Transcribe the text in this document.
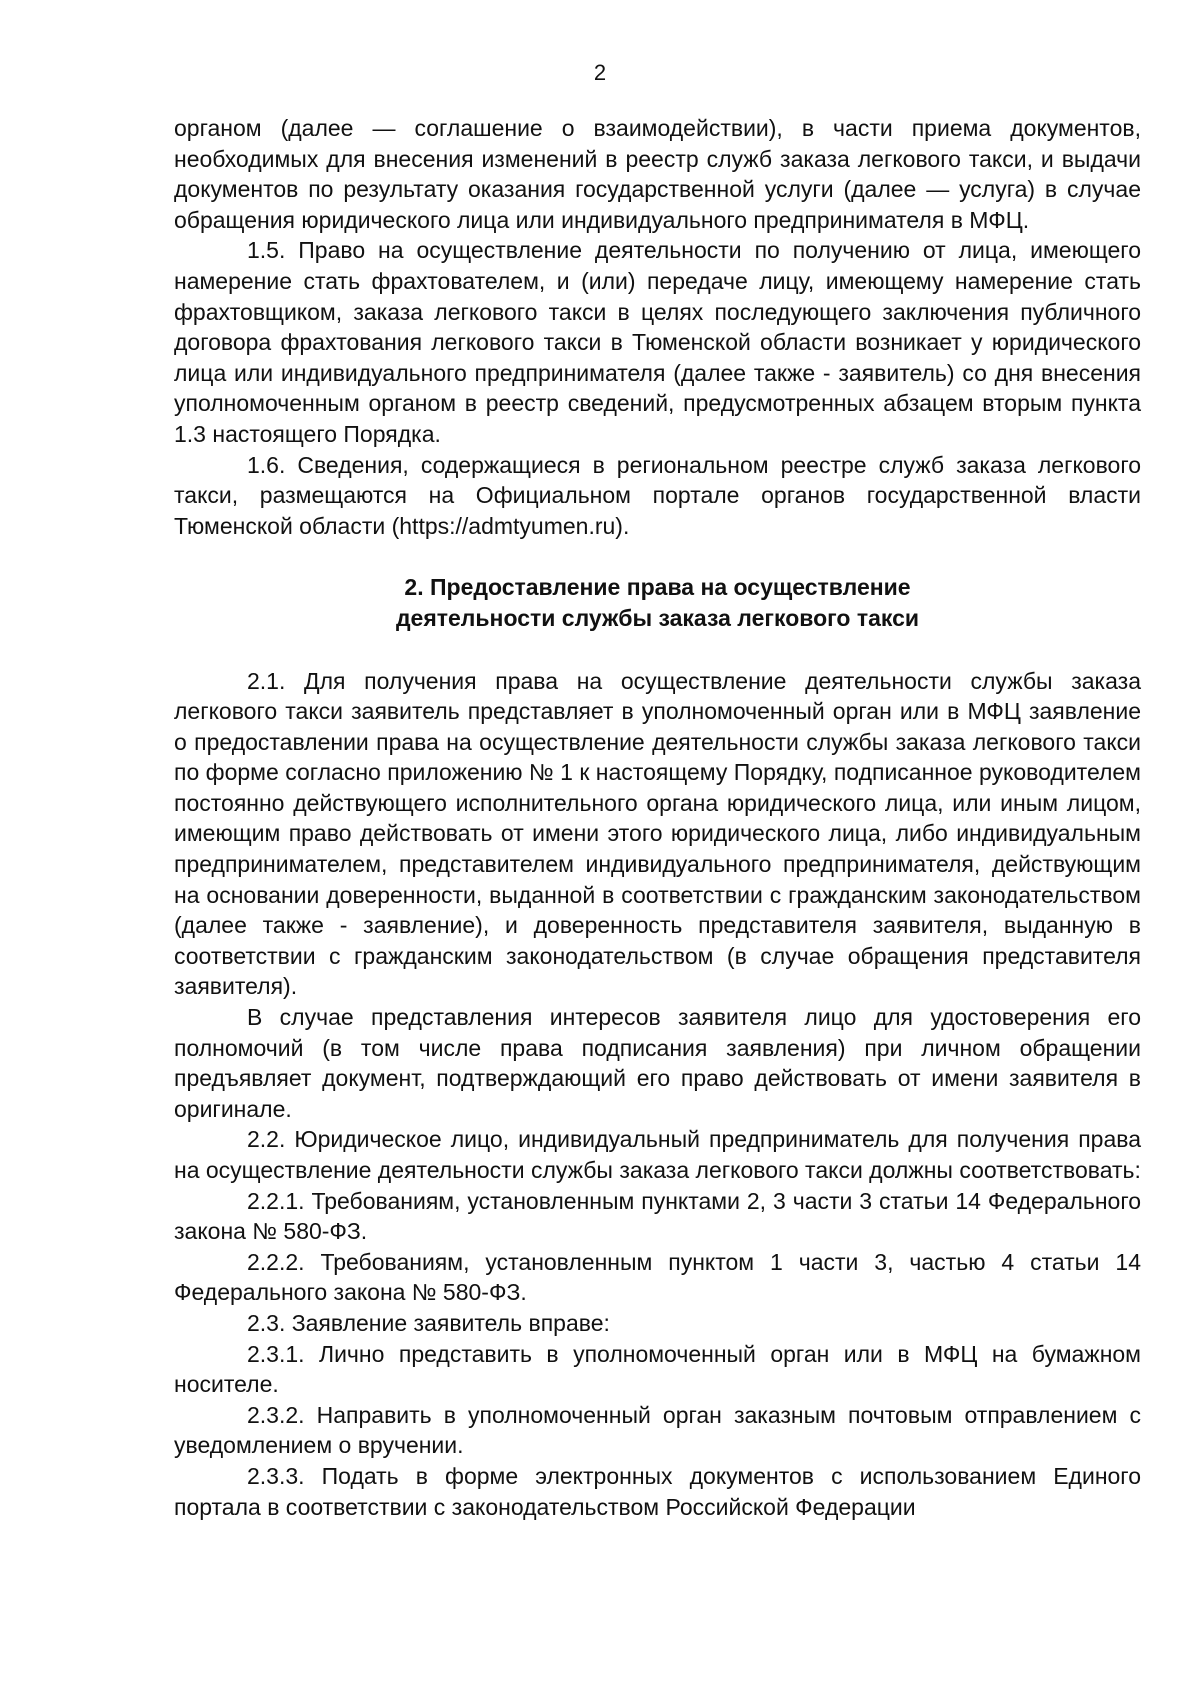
2

органом (далее — соглашение о взаимодействии), в части приема документов, необходимых для внесения изменений в реестр служб заказа легкового такси, и выдачи документов по результату оказания государственной услуги (далее — услуга) в случае обращения юридического лица или индивидуального предпринимателя в МФЦ.

1.5. Право на осуществление деятельности по получению от лица, имеющего намерение стать фрахтователем, и (или) передаче лицу, имеющему намерение стать фрахтовщиком, заказа легкового такси в целях последующего заключения публичного договора фрахтования легкового такси в Тюменской области возникает у юридического лица или индивидуального предпринимателя (далее также - заявитель) со дня внесения уполномоченным органом в реестр сведений, предусмотренных абзацем вторым пункта 1.3 настоящего Порядка.

1.6. Сведения, содержащиеся в региональном реестре служб заказа легкового такси, размещаются на Официальном портале органов государственной власти Тюменской области (https://admtyumen.ru).

2. Предоставление права на осуществление
деятельности службы заказа легкового такси

2.1. Для получения права на осуществление деятельности службы заказа легкового такси заявитель представляет в уполномоченный орган или в МФЦ заявление о предоставлении права на осуществление деятельности службы заказа легкового такси по форме согласно приложению № 1 к настоящему Порядку, подписанное руководителем постоянно действующего исполнительного органа юридического лица, или иным лицом, имеющим право действовать от имени этого юридического лица, либо индивидуальным предпринимателем, представителем индивидуального предпринимателя, действующим на основании доверенности, выданной в соответствии с гражданским законодательством (далее также - заявление), и доверенность представителя заявителя, выданную в соответствии с гражданским законодательством (в случае обращения представителя заявителя).

В случае представления интересов заявителя лицо для удостоверения его полномочий (в том числе права подписания заявления) при личном обращении предъявляет документ, подтверждающий его право действовать от имени заявителя в оригинале.

2.2. Юридическое лицо, индивидуальный предприниматель для получения права на осуществление деятельности службы заказа легкового такси должны соответствовать:

2.2.1. Требованиям, установленным пунктами 2, 3 части 3 статьи 14 Федерального закона № 580-ФЗ.

2.2.2. Требованиям, установленным пунктом 1 части 3, частью 4 статьи 14 Федерального закона № 580-ФЗ.

2.3. Заявление заявитель вправе:

2.3.1. Лично представить в уполномоченный орган или в МФЦ на бумажном носителе.

2.3.2. Направить в уполномоченный орган заказным почтовым отправлением с уведомлением о вручении.

2.3.3. Подать в форме электронных документов с использованием Единого портала в соответствии с законодательством Российской Федерации
